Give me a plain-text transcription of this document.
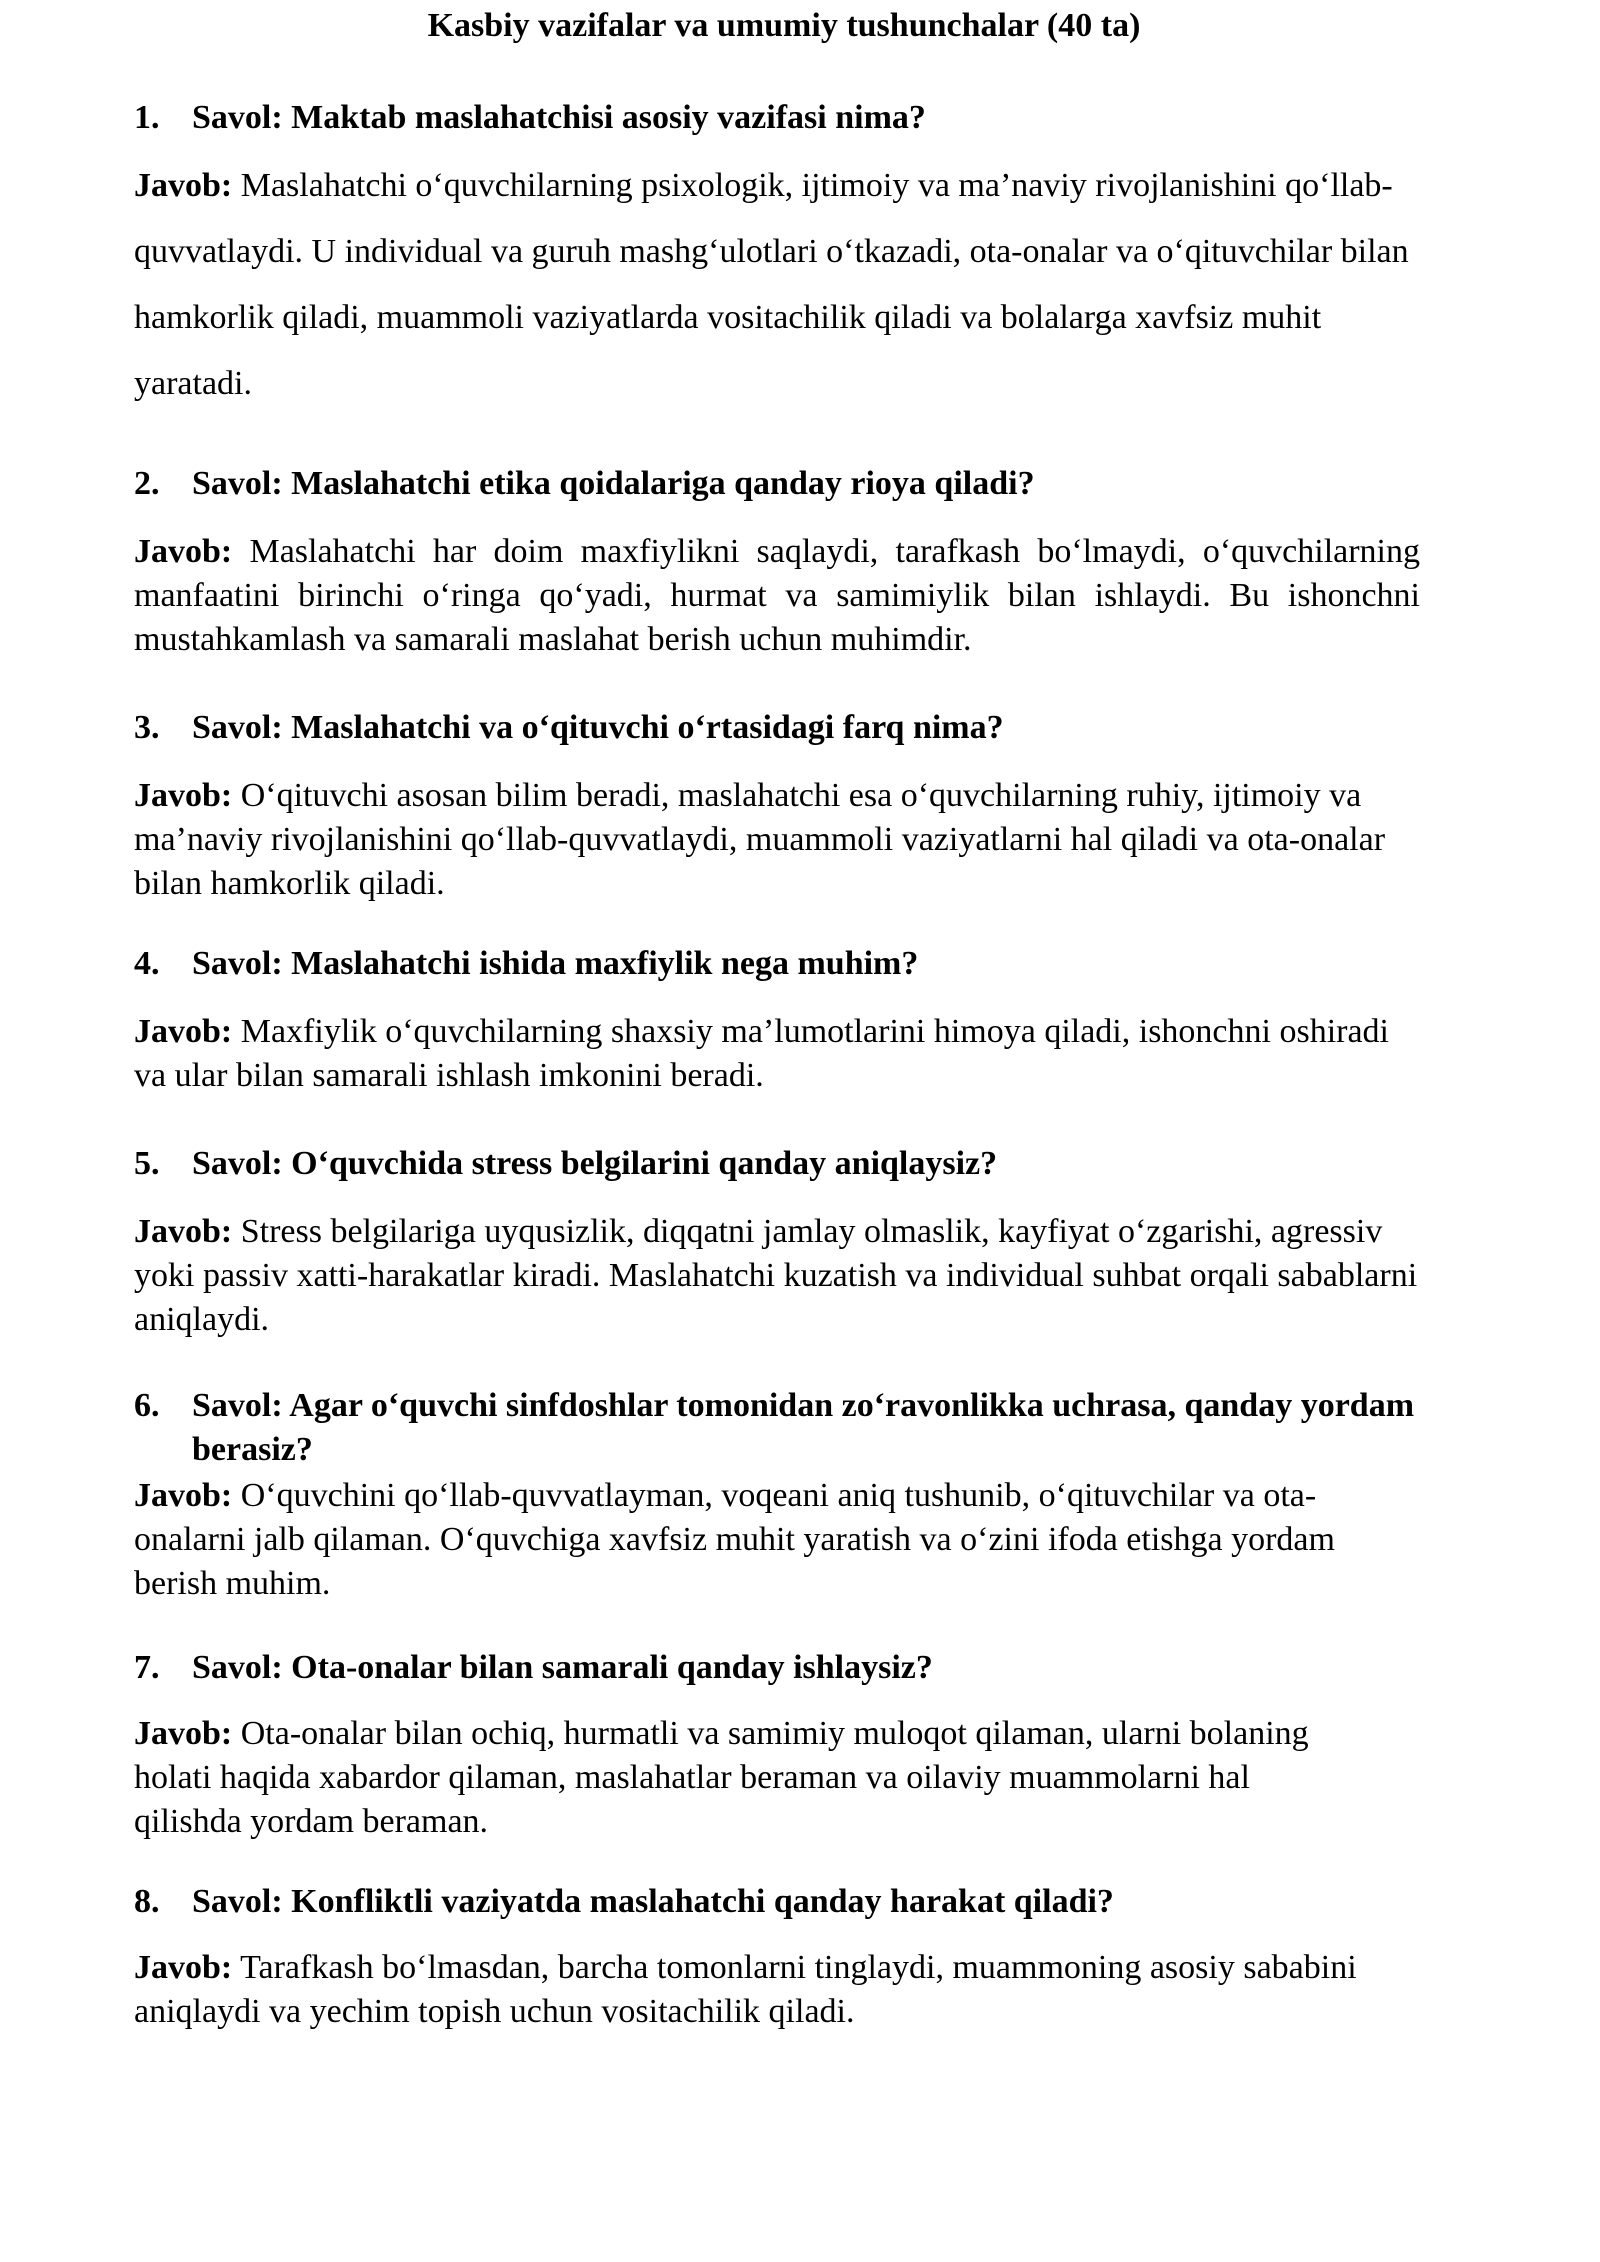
Kasbiy vazifalar va umumiy tushunchalar (40 ta)
1. Savol: Maktab maslahatchisi asosiy vazifasi nima?
Javob: Maslahatchi o‘quvchilarning psixologik, ijtimoiy va ma’naviy rivojlanishini qo‘llab-quvvatlaydi. U individual va guruh mashg‘ulotlari o‘tkazadi, ota-onalar va o‘qituvchilar bilan hamkorlik qiladi, muammoli vaziyatlarda vositachilik qiladi va bolalarga xavfsiz muhit yaratadi.
2. Savol: Maslahatchi etika qoidalariga qanday rioya qiladi?
Javob: Maslahatchi har doim maxfiylikni saqlaydi, tarafkash bo‘lmaydi, o‘quvchilarning manfaatini birinchi o‘ringa qo‘yadi, hurmat va samimiylik bilan ishlaydi. Bu ishonchni mustahkamlash va samarali maslahat berish uchun muhimdir.
3. Savol: Maslahatchi va o‘qituvchi o‘rtasidagi farq nima?
Javob: O‘qituvchi asosan bilim beradi, maslahatchi esa o‘quvchilarning ruhiy, ijtimoiy va ma’naviy rivojlanishini qo‘llab-quvvatlaydi, muammoli vaziyatlarni hal qiladi va ota-onalar bilan hamkorlik qiladi.
4. Savol: Maslahatchi ishida maxfiylik nega muhim?
Javob: Maxfiylik o‘quvchilarning shaxsiy ma’lumotlarini himoya qiladi, ishonchni oshiradi va ular bilan samarali ishlash imkonini beradi.
5. Savol: O‘quvchida stress belgilarini qanday aniqlaysiz?
Javob: Stress belgilariga uyqusizlik, diqqatni jamlay olmaslik, kayfiyat o‘zgarishi, agressiv yoki passiv xatti-harakatlar kiradi. Maslahatchi kuzatish va individual suhbat orqali sabablarni aniqlaydi.
6. Savol: Agar o‘quvchi sinfdoshlar tomonidan zo‘ravonlikka uchrasa, qanday yordam berasiz?
Javob: O‘quvchini qo‘llab-quvvatlayman, voqeani aniq tushunib, o‘qituvchilar va ota-onalarni jalb qilaman. O‘quvchiga xavfsiz muhit yaratish va o‘zini ifoda etishga yordam berish muhim.
7. Savol: Ota-onalar bilan samarali qanday ishlaysiz?
Javob: Ota-onalar bilan ochiq, hurmatli va samimiy muloqot qilaman, ularni bolaning holati haqida xabardor qilaman, maslahatlar beraman va oilaviy muammolarni hal qilishda yordam beraman.
8. Savol: Konfliktli vaziyatda maslahatchi qanday harakat qiladi?
Javob: Tarafkash bo‘lmasdan, barcha tomonlarni tinglaydi, muammoning asosiy sababini aniqlaydi va yechim topish uchun vositachilik qiladi.
